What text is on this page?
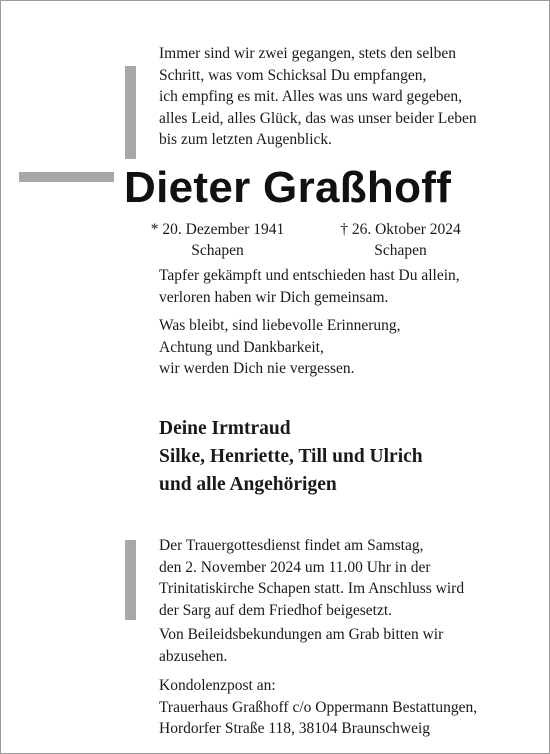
Immer sind wir zwei gegangen, stets den selben
Schritt, was vom Schicksal Du empfangen,
ich empfing es mit. Alles was uns ward gegeben,
alles Leid, alles Glück, das was unser beider Leben
bis zum letzten Augenblick.
Dieter Graßhoff
* 20. Dezember 1941
Schapen
† 26. Oktober 2024
Schapen
Tapfer gekämpft und entschieden hast Du allein,
verloren haben wir Dich gemeinsam.
Was bleibt, sind liebevolle Erinnerung,
Achtung und Dankbarkeit,
wir werden Dich nie vergessen.
Deine Irmtraud
Silke, Henriette, Till und Ulrich
und alle Angehörigen
Der Trauergottesdienst findet am Samstag,
den 2. November 2024 um 11.00 Uhr in der
Trinitatiskirche Schapen statt. Im Anschluss wird
der Sarg auf dem Friedhof beigesetzt.
Von Beileidsbekundungen am Grab bitten wir
abzusehen.
Kondolenzpost an:
Trauerhaus Graßhoff c/o Oppermann Bestattungen,
Hordorfer Straße 118, 38104 Braunschweig
